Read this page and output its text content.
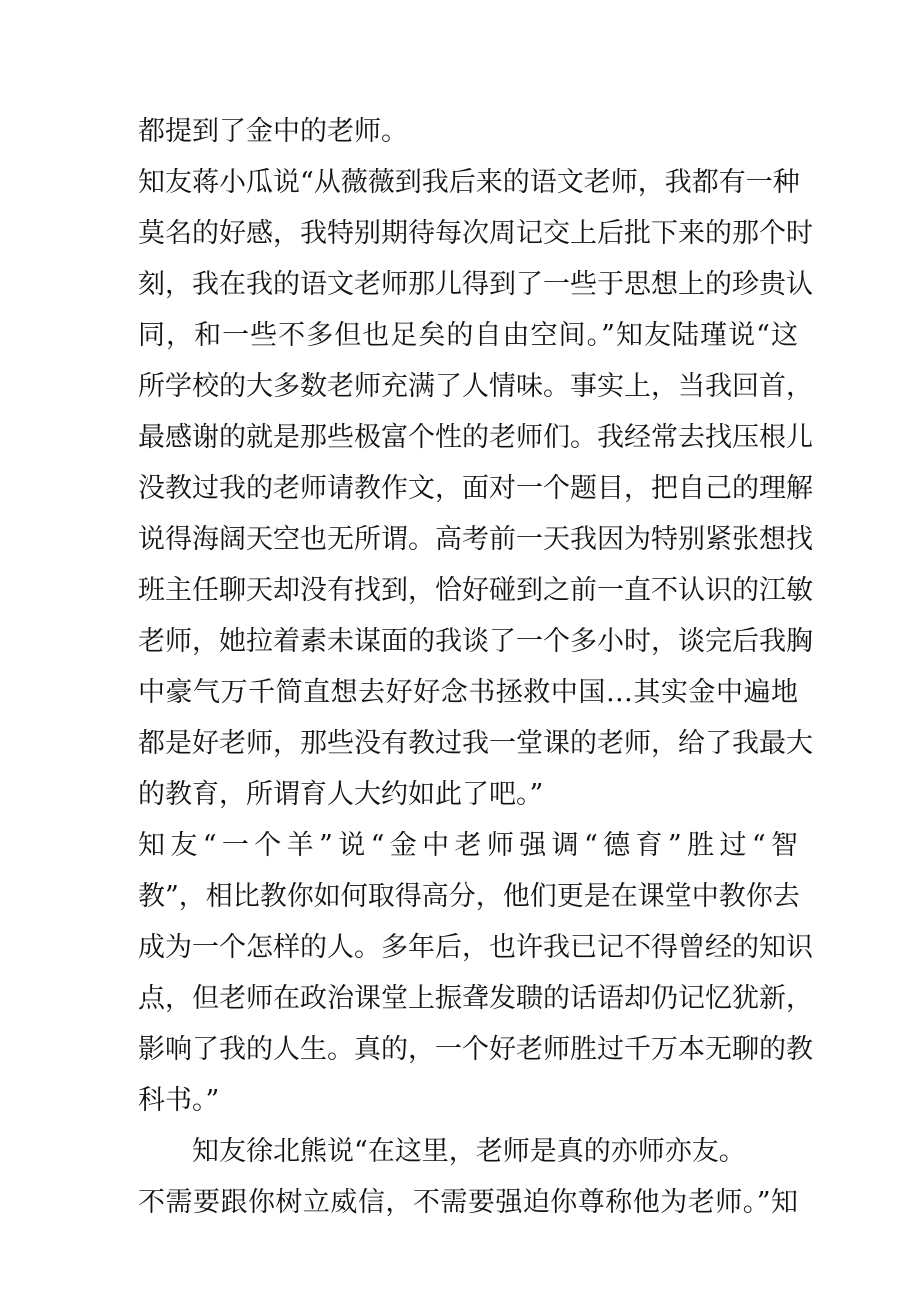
都提到了金中的老师。
知友蒋小瓜说“从薇薇到我后来的语文老师，我都有一种
莫名的好感，我特别期待每次周记交上后批下来的那个时
刻，我在我的语文老师那儿得到了一些于思想上的珍贵认
同，和一些不多但也足矣的自由空间。”知友陆瑾说“这
所学校的大多数老师充满了人情味。事实上，当我回首，
最感谢的就是那些极富个性的老师们。我经常去找压根儿
没教过我的老师请教作文，面对一个题目，把自己的理解
说得海阔天空也无所谓。高考前一天我因为特别紧张想找
班主任聊天却没有找到，恰好碰到之前一直不认识的江敏
老师，她拉着素未谋面的我谈了一个多小时，谈完后我胸
中豪气万千简直想去好好念书拯救中国…其实金中遍地
都是好老师，那些没有教过我一堂课的老师，给了我最大
的教育，所谓育人大约如此了吧。”
知友“一个羊”说“金中老师强调“德育”胜过“智
教”，相比教你如何取得高分，他们更是在课堂中教你去
成为一个怎样的人。多年后，也许我已记不得曾经的知识
点，但老师在政治课堂上振聋发聩的话语却仍记忆犹新，
影响了我的人生。真的，一个好老师胜过千万本无聊的教
科书。”
知友徐北熊说“在这里，老师是真的亦师亦友。
不需要跟你树立威信，不需要强迫你尊称他为老师。”知
